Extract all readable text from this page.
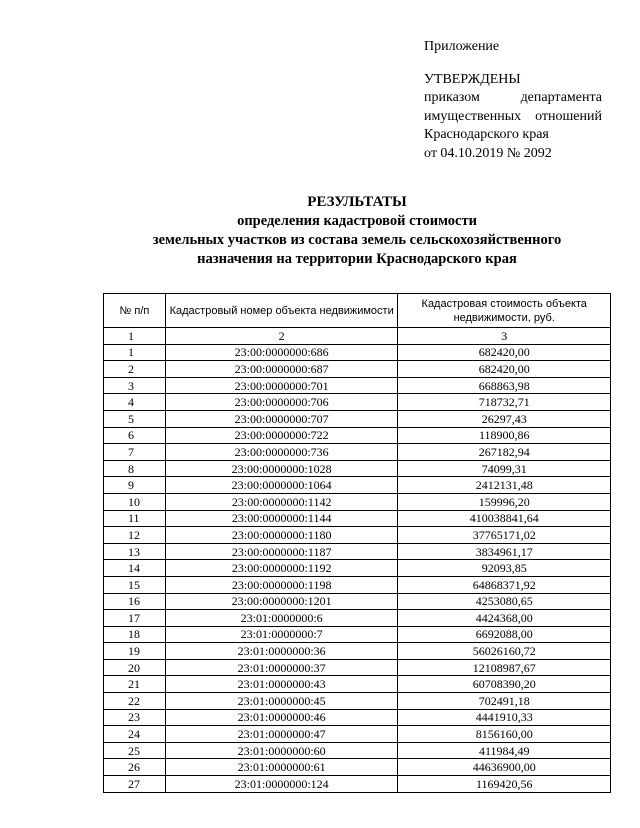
Приложение
УТВЕРЖДЕНЫ
приказом департамента
имущественных отношений
Краснодарского края
от 04.10.2019 № 2092
РЕЗУЛЬТАТЫ
определения кадастровой стоимости
земельных участков из состава земель сельскохозяйственного
назначения на территории Краснодарского края
№ п/п	Кадастровый номер объекта недвижимости	Кадастровая стоимость объекта недвижимости, руб.
1	2	3
1	23:00:0000000:686	682420,00
2	23:00:0000000:687	682420,00
3	23:00:0000000:701	668863,98
4	23:00:0000000:706	718732,71
5	23:00:0000000:707	26297,43
6	23:00:0000000:722	118900,86
7	23:00:0000000:736	267182,94
8	23:00:0000000:1028	74099,31
9	23:00:0000000:1064	2412131,48
10	23:00:0000000:1142	159996,20
11	23:00:0000000:1144	410038841,64
12	23:00:0000000:1180	37765171,02
13	23:00:0000000:1187	3834961,17
14	23:00:0000000:1192	92093,85
15	23:00:0000000:1198	64868371,92
16	23:00:0000000:1201	4253080,65
17	23:01:0000000:6	4424368,00
18	23:01:0000000:7	6692088,00
19	23:01:0000000:36	56026160,72
20	23:01:0000000:37	12108987,67
21	23:01:0000000:43	60708390,20
22	23:01:0000000:45	702491,18
23	23:01:0000000:46	4441910,33
24	23:01:0000000:47	8156160,00
25	23:01:0000000:60	411984,49
26	23:01:0000000:61	44636900,00
27	23:01:0000000:124	1169420,56
